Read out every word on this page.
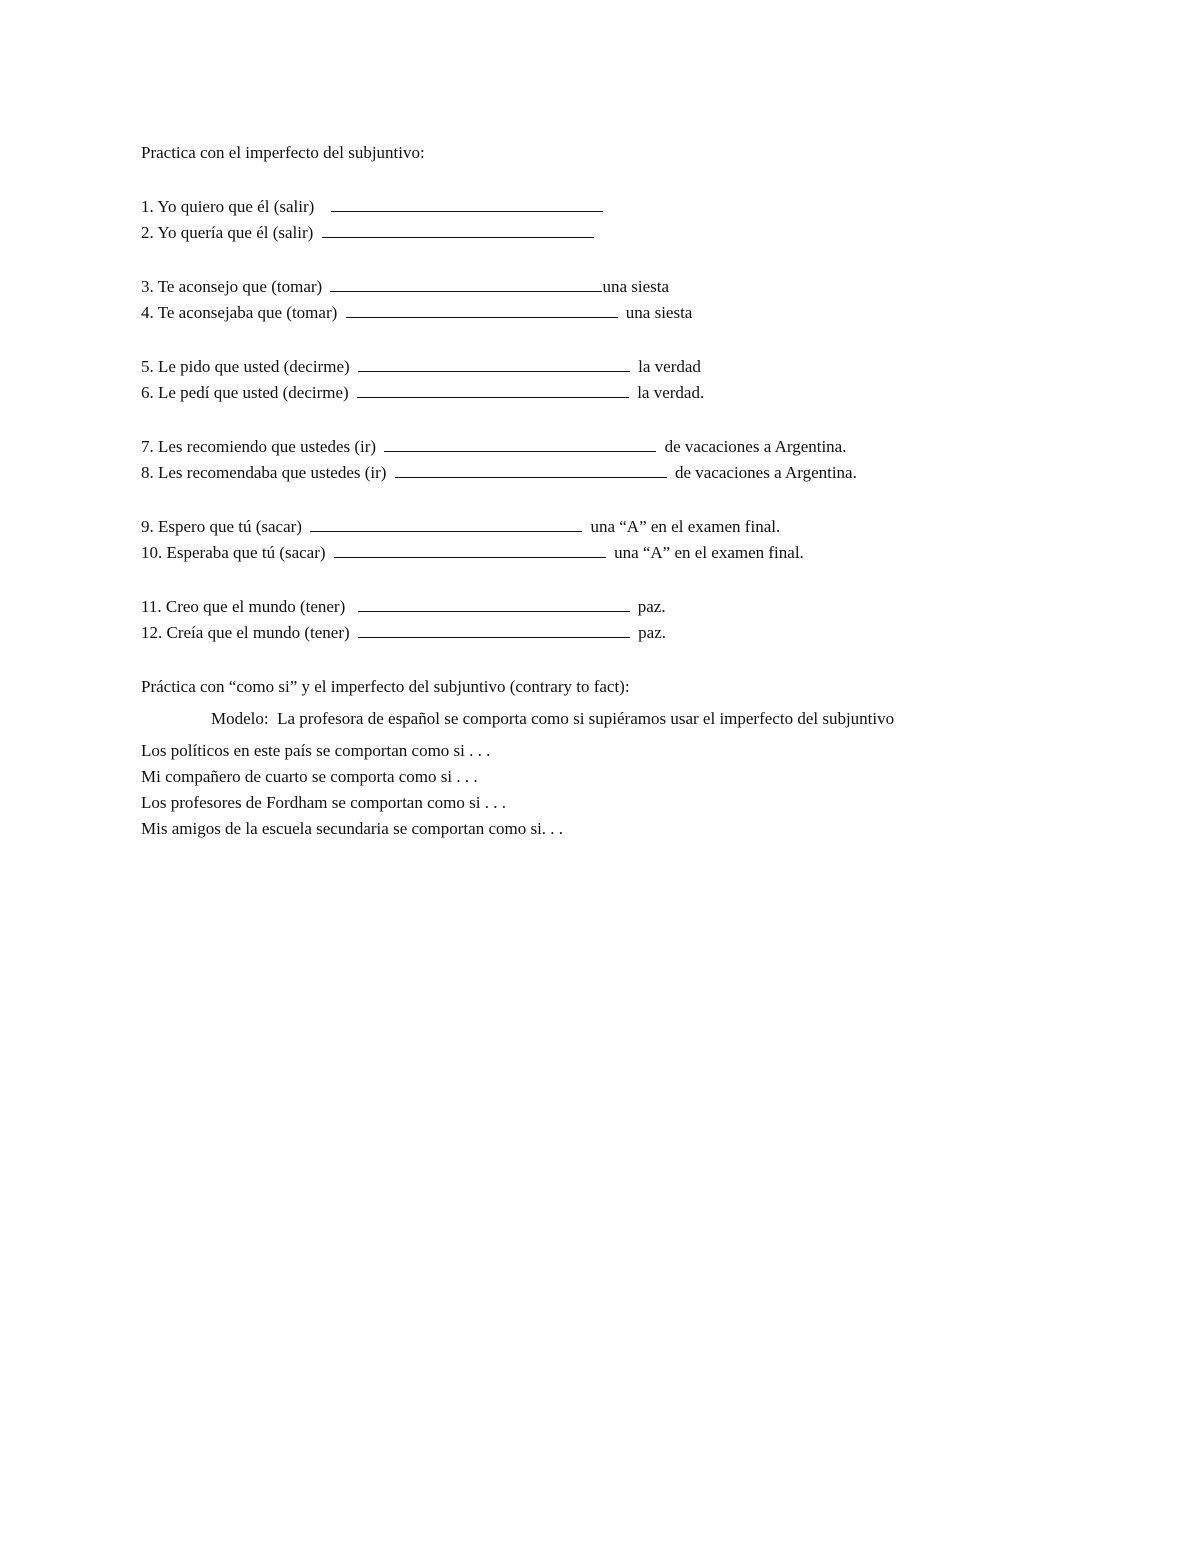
Practica con el imperfecto del subjuntivo:
1. Yo quiero que él (salir)
2. Yo quería que él (salir)
3. Te aconsejo que (tomar)	una siesta
4. Te aconsejaba que (tomar)	una siesta
5. Le pido que usted (decirme)	la verdad
6. Le pedí que usted (decirme)	la verdad.
7. Les recomiendo que ustedes (ir)	de vacaciones a Argentina.
8. Les recomendaba que ustedes (ir)	de vacaciones a Argentina.
9. Espero que tú (sacar)	una “A” en el examen final.
10. Esperaba que tú (sacar)	una “A” en el examen final.
11. Creo que el mundo (tener)	paz.
12. Creía que el mundo (tener)	paz.
Práctica con “como si” y el imperfecto del subjuntivo (contrary to fact):
Modelo: La profesora de español se comporta como si supiéramos usar el imperfecto del subjuntivo
Los políticos en este país se comportan como si . . .
Mi compañero de cuarto se comporta como si . . .
Los profesores de Fordham se comportan como si . . .
Mis amigos de la escuela secundaria se comportan como si. . .
